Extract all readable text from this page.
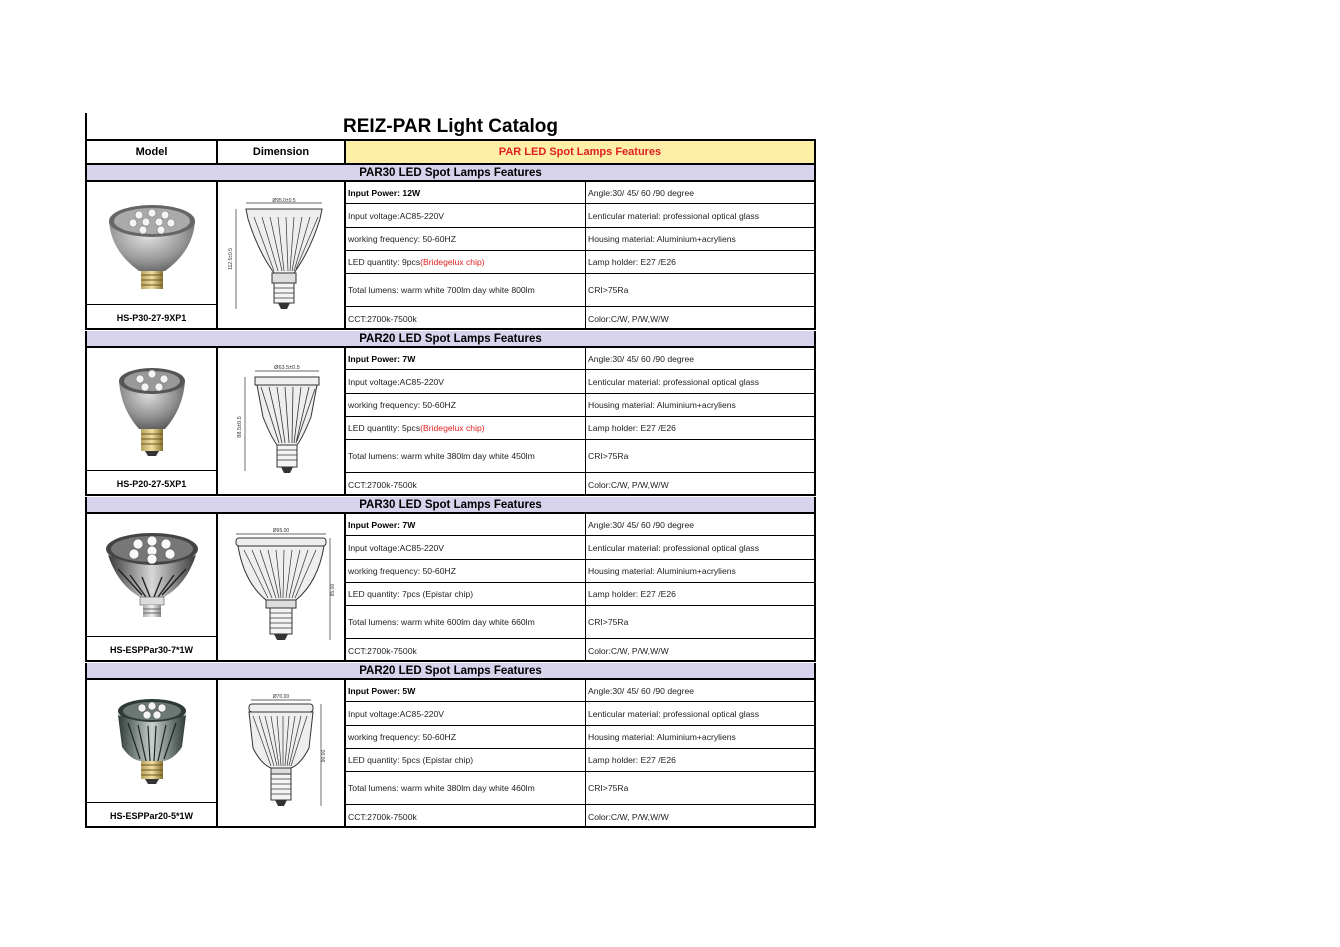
REIZ-PAR Light Catalog
Model	Dimension	PAR LED Spot Lamps Features
PAR30 LED Spot Lamps Features
HS-P30-27-9XP1
Ø95.0±0.5
112.5±0.5
Input Power: 12W	Angle:30/ 45/ 60 /90 degree
Input voltage:AC85-220V	Lenticular material: professional optical glass
working frequency: 50-60HZ	Housing material: Aluminium+acryliens
LED quantity: 9pcs (Bridegelux chip)	Lamp holder: E27 /E26
Total lumens: warm white 700lm day white 800lm	CRI>75Ra
CCT:2700k-7500k	Color:C/W, P/W,W/W
PAR20 LED Spot Lamps Features
HS-P20-27-5XP1
Ø63.5±0.5
88.5±0.5
Input Power: 7W	Angle:30/ 45/ 60 /90 degree
Input voltage:AC85-220V	Lenticular material: professional optical glass
working frequency: 50-60HZ	Housing material: Aluminium+acryliens
LED quantity: 5pcs (Bridegelux chip)	Lamp holder: E27 /E26
Total lumens: warm white 380lm day white 450lm	CRI>75Ra
CCT:2700k-7500k	Color:C/W, P/W,W/W
PAR30 LED Spot Lamps Features
HS-ESPPar30-7*1W
Ø95.00
85.00
Input Power: 7W	Angle:30/ 45/ 60 /90 degree
Input voltage:AC85-220V	Lenticular material: professional optical glass
working frequency: 50-60HZ	Housing material: Aluminium+acryliens
LED quantity: 7pcs (Epistar chip)	Lamp holder: E27 /E26
Total lumens: warm white 600lm day white 660lm	CRI>75Ra
CCT:2700k-7500k	Color:C/W, P/W,W/W
PAR20 LED Spot Lamps Features
HS-ESPPar20-5*1W
Ø70.00
90.00
Input Power: 5W	Angle:30/ 45/ 60 /90 degree
Input voltage:AC85-220V	Lenticular material: professional optical glass
working frequency: 50-60HZ	Housing material: Aluminium+acryliens
LED quantity: 5pcs (Epistar chip)	Lamp holder: E27 /E26
Total lumens: warm white 380lm day white 460lm	CRI>75Ra
CCT:2700k-7500k	Color:C/W, P/W,W/W
